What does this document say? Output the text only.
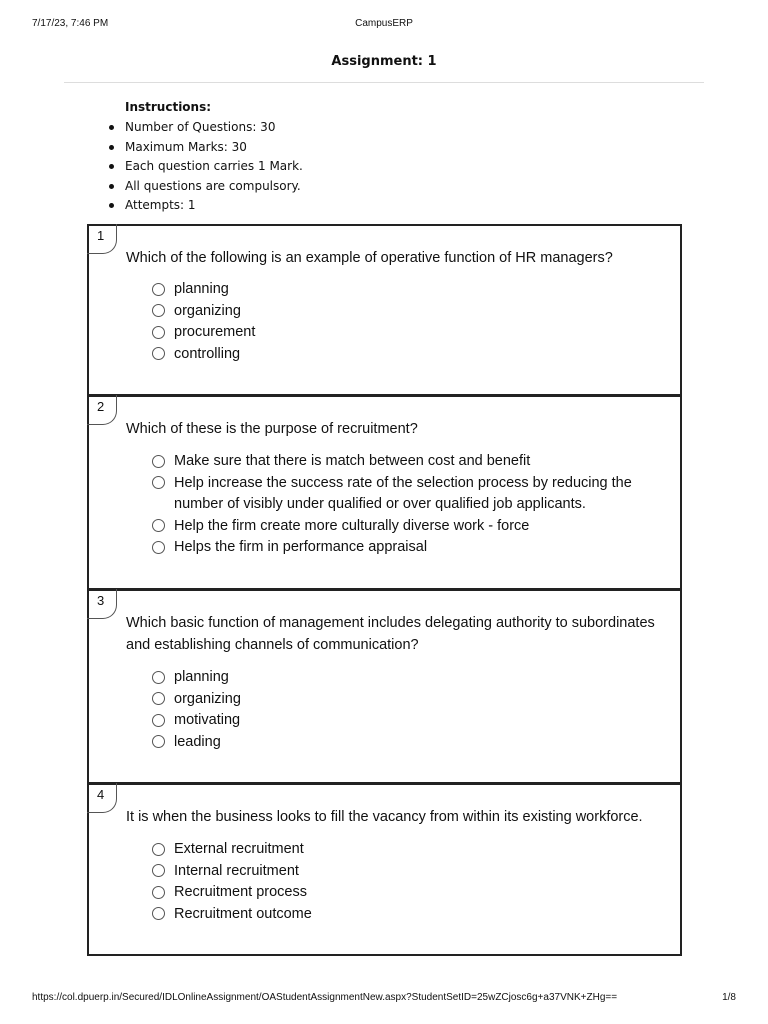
7/17/23, 7:46 PM	CampusERP
Assignment: 1
Instructions:
Number of Questions: 30
Maximum Marks: 30
Each question carries 1 Mark.
All questions are compulsory.
Attempts: 1
1
Which of the following is an example of operative function of HR managers?
planning
organizing
procurement
controlling
2
Which of these is the purpose of recruitment?
Make sure that there is match between cost and benefit
Help increase the success rate of the selection process by reducing the number of visibly under qualified or over qualified job applicants.
Help the firm create more culturally diverse work - force
Helps the firm in performance appraisal
3
Which basic function of management includes delegating authority to subordinates and establishing channels of communication?
planning
organizing
motivating
leading
4
It is when the business looks to fill the vacancy from within its existing workforce.
External recruitment
Internal recruitment
Recruitment process
Recruitment outcome
https://col.dpuerp.in/Secured/IDLOnlineAssignment/OAStudentAssignmentNew.aspx?StudentSetID=25wZCjosc6g+a37VNK+ZHg==	1/8
